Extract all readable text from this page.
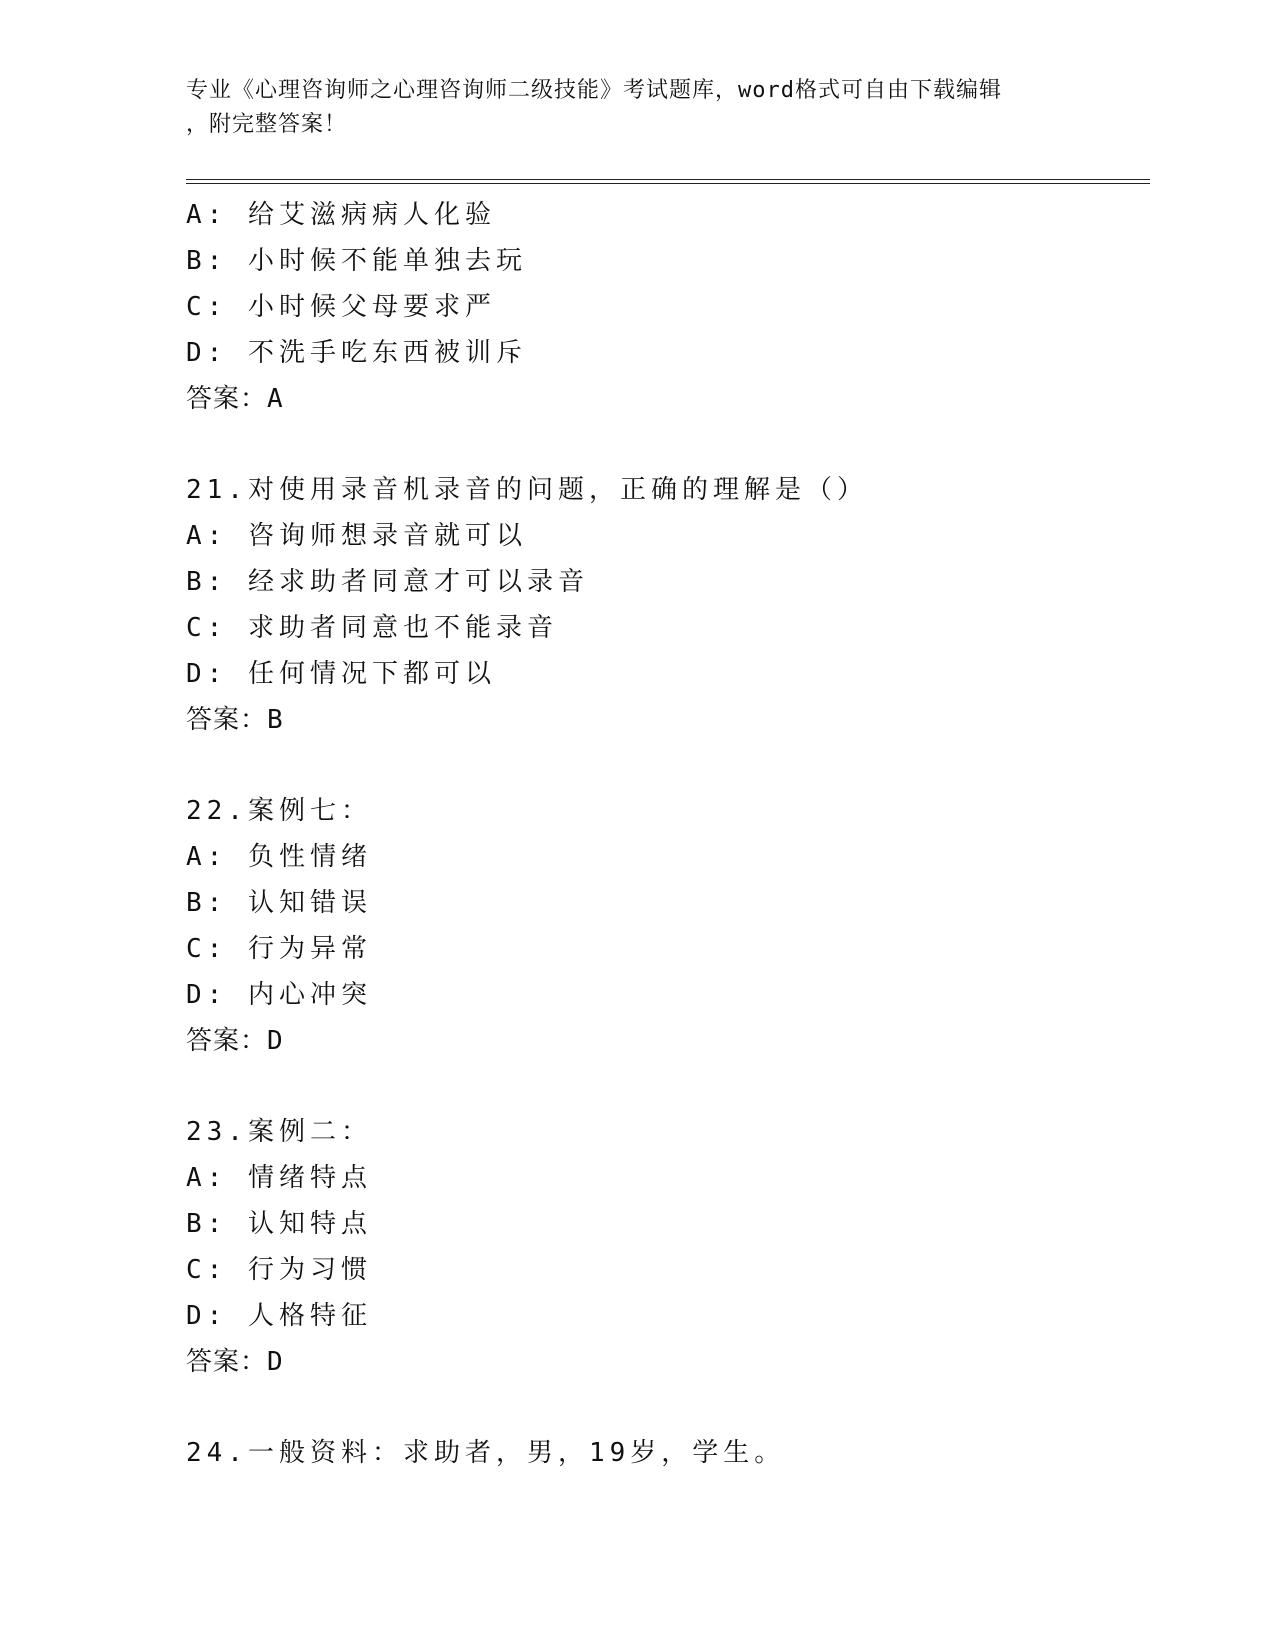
专业《心理咨询师之心理咨询师二级技能》考试题库，word格式可自由下载编辑
，附完整答案！
A: 给艾滋病病人化验
B: 小时候不能单独去玩
C: 小时候父母要求严
D: 不洗手吃东西被训斥
答案：A
21.对使用录音机录音的问题，正确的理解是（）
A: 咨询师想录音就可以
B: 经求助者同意才可以录音
C: 求助者同意也不能录音
D: 任何情况下都可以
答案：B
22.案例七：
A: 负性情绪
B: 认知错误
C: 行为异常
D: 内心冲突
答案：D
23.案例二：
A: 情绪特点
B: 认知特点
C: 行为习惯
D: 人格特征
答案：D
24.一般资料：求助者，男，19岁，学生。
